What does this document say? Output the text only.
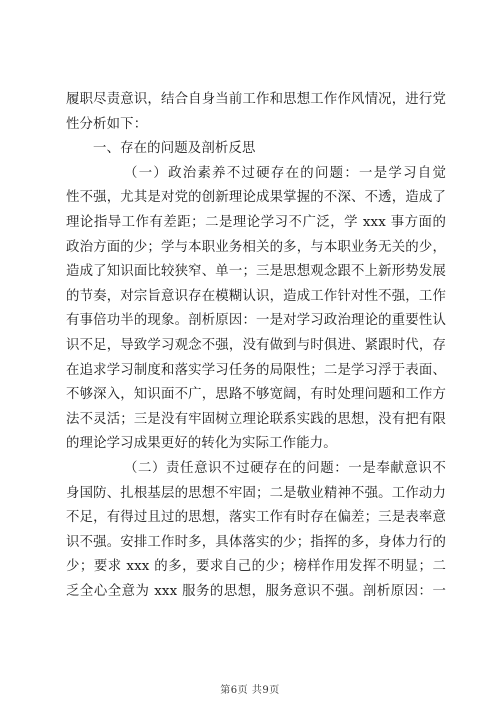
履职尽责意识，结合自身当前工作和思想工作作风情况，进行党
性分析如下：
一、存在的问题及剖析反思
（一）政治素养不过硬存在的问题：一是学习自觉
性不强，尤其是对党的创新理论成果掌握的不深、不透，造成了
理论指导工作有差距；二是理论学习不广泛，学 xxx 事方面的
政治方面的少；学与本职业务相关的多，与本职业务无关的少，
造成了知识面比较狭窄、单一；三是思想观念跟不上新形势发展
的节奏，对宗旨意识存在模糊认识，造成工作针对性不强，工作
有事倍功半的现象。剖析原因：一是对学习政治理论的重要性认
识不足，导致学习观念不强，没有做到与时俱进、紧跟时代，存
在追求学习制度和落实学习任务的局限性；二是学习浮于表面、
不够深入，知识面不广，思路不够宽阔，有时处理问题和工作方
法不灵活；三是没有牢固树立理论联系实践的思想，没有把有限
的理论学习成果更好的转化为实际工作能力。
（二）责任意识不过硬存在的问题：一是奉献意识不
身国防、扎根基层的思想不牢固；二是敬业精神不强。工作动力
不足，有得过且过的思想，落实工作有时存在偏差；三是表率意
识不强。安排工作时多，具体落实的少；指挥的多，身体力行的
少；要求 xxx 的多，要求自己的少；榜样作用发挥不明显；二
乏全心全意为 xxx 服务的思想，服务意识不强。剖析原因：一
第6页 共9页
